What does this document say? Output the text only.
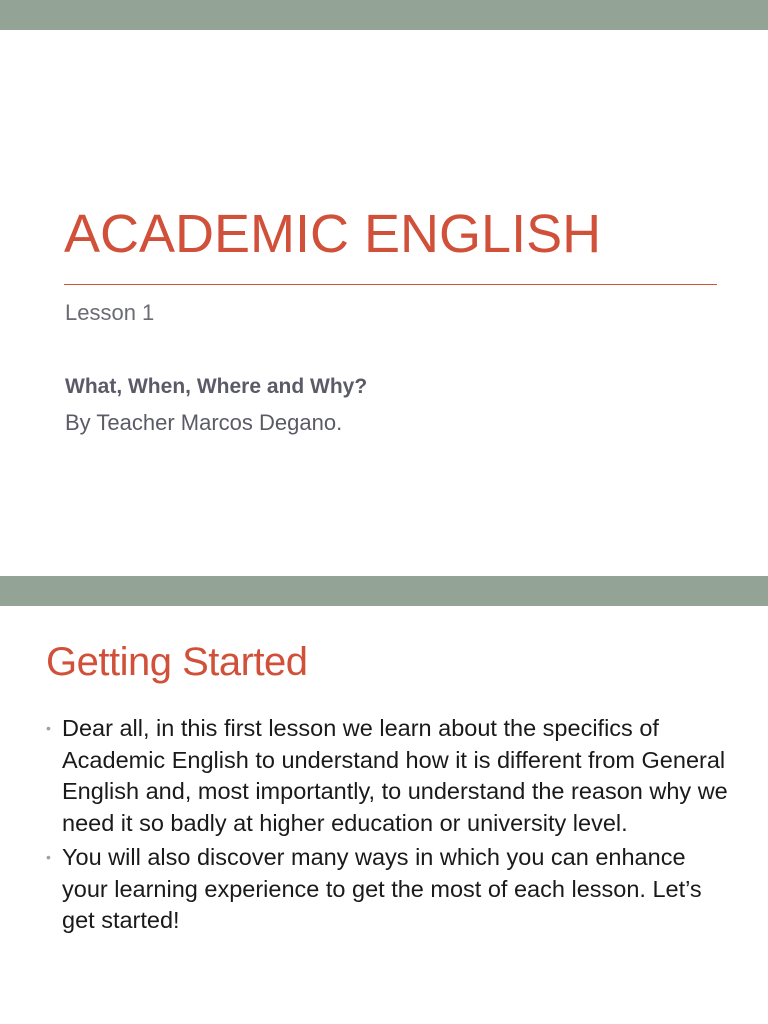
ACADEMIC ENGLISH

Lesson 1

What, When, Where and Why?

By Teacher Marcos Degano.

Getting Started
• Dear all, in this first lesson we learn about the specifics of Academic English to understand how it is different from General English and, most importantly, to understand the reason why we need it so badly at higher education or university level.
• You will also discover many ways in which you can enhance your learning experience to get the most of each lesson. Let’s get started!
